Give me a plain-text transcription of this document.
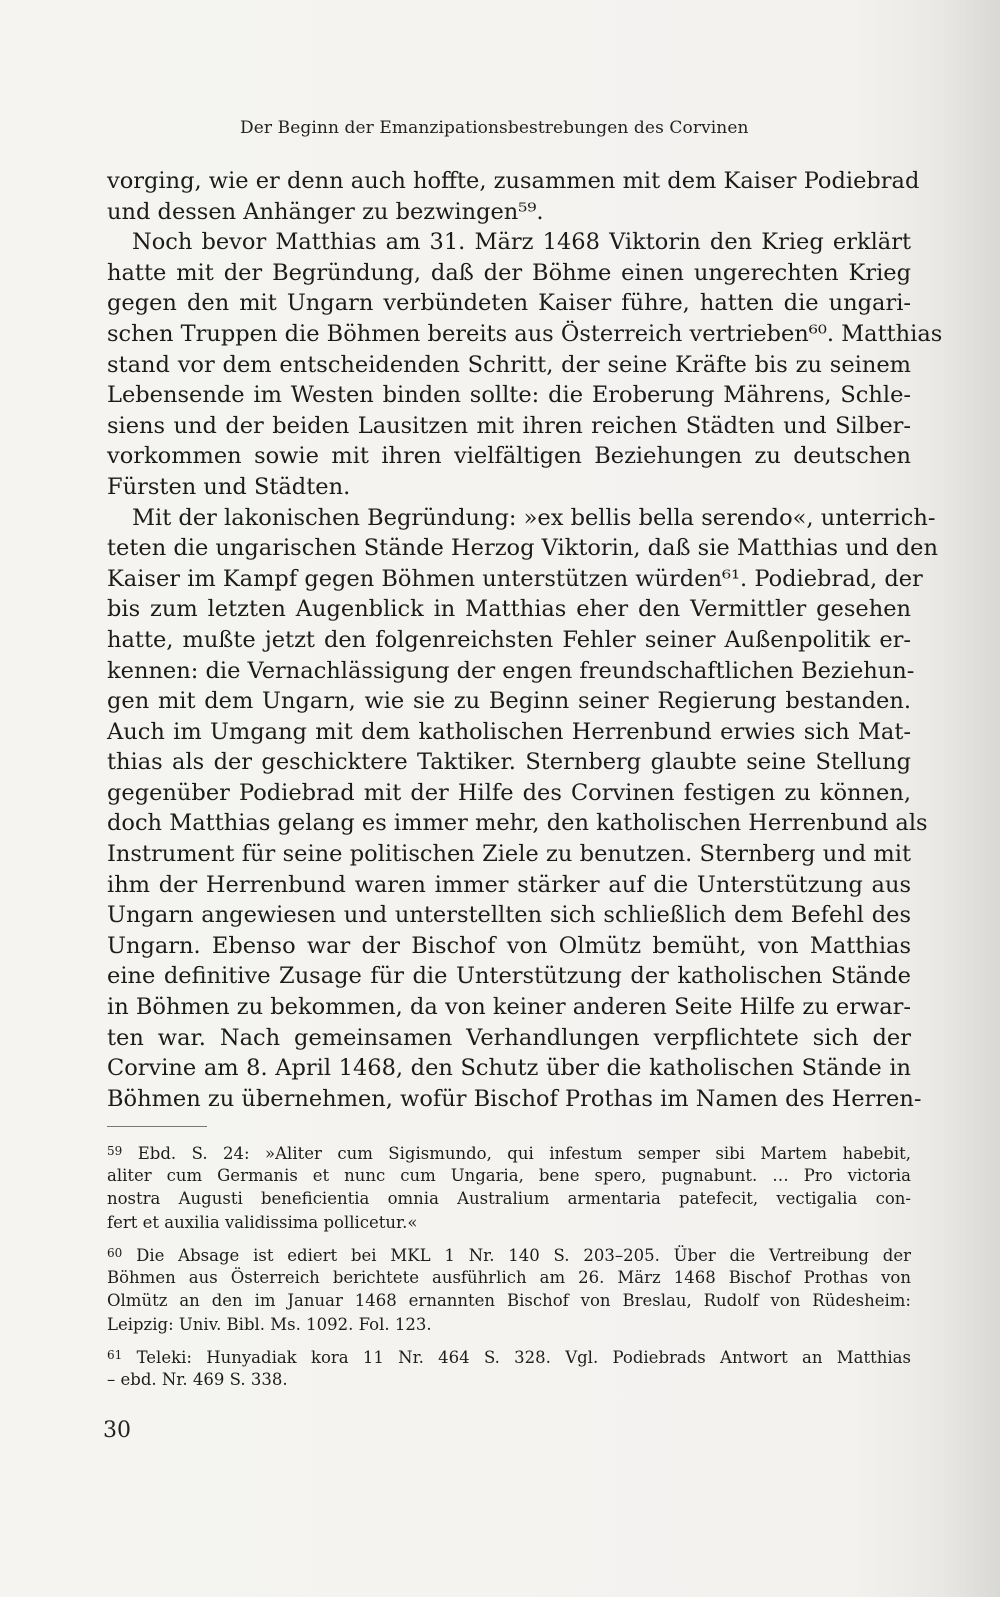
Der Beginn der Emanzipationsbestrebungen des Corvinen
vorging, wie er denn auch hoffte, zusammen mit dem Kaiser Podiebrad
und dessen Anhänger zu bezwingen⁵⁹.
Noch bevor Matthias am 31. März 1468 Viktorin den Krieg erklärt
hatte mit der Begründung, daß der Böhme einen ungerechten Krieg
gegen den mit Ungarn verbündeten Kaiser führe, hatten die ungari-
schen Truppen die Böhmen bereits aus Österreich vertrieben⁶⁰. Matthias
stand vor dem entscheidenden Schritt, der seine Kräfte bis zu seinem
Lebensende im Westen binden sollte: die Eroberung Mährens, Schle-
siens und der beiden Lausitzen mit ihren reichen Städten und Silber-
vorkommen sowie mit ihren vielfältigen Beziehungen zu deutschen
Fürsten und Städten.
Mit der lakonischen Begründung: »ex bellis bella serendo«, unterrich-
teten die ungarischen Stände Herzog Viktorin, daß sie Matthias und den
Kaiser im Kampf gegen Böhmen unterstützen würden⁶¹. Podiebrad, der
bis zum letzten Augenblick in Matthias eher den Vermittler gesehen
hatte, mußte jetzt den folgenreichsten Fehler seiner Außenpolitik er-
kennen: die Vernachlässigung der engen freundschaftlichen Beziehun-
gen mit dem Ungarn, wie sie zu Beginn seiner Regierung bestanden.
Auch im Umgang mit dem katholischen Herrenbund erwies sich Mat-
thias als der geschicktere Taktiker. Sternberg glaubte seine Stellung
gegenüber Podiebrad mit der Hilfe des Corvinen festigen zu können,
doch Matthias gelang es immer mehr, den katholischen Herrenbund als
Instrument für seine politischen Ziele zu benutzen. Sternberg und mit
ihm der Herrenbund waren immer stärker auf die Unterstützung aus
Ungarn angewiesen und unterstellten sich schließlich dem Befehl des
Ungarn. Ebenso war der Bischof von Olmütz bemüht, von Matthias
eine definitive Zusage für die Unterstützung der katholischen Stände
in Böhmen zu bekommen, da von keiner anderen Seite Hilfe zu erwar-
ten war. Nach gemeinsamen Verhandlungen verpflichtete sich der
Corvine am 8. April 1468, den Schutz über die katholischen Stände in
Böhmen zu übernehmen, wofür Bischof Prothas im Namen des Herren-
$^{59}$ Ebd. S. 24: »Aliter cum Sigismundo, qui infestum semper sibi Martem habebit,
aliter cum Germanis et nunc cum Ungaria, bene spero, pugnabunt. … Pro victoria
nostra Augusti beneficientia omnia Australium armentaria patefecit, vectigalia con-
fert et auxilia validissima pollicetur.«
$^{60}$ Die Absage ist ediert bei MKL 1 Nr. 140 S. 203–205. Über die Vertreibung der
Böhmen aus Österreich berichtete ausführlich am 26. März 1468 Bischof Prothas von
Olmütz an den im Januar 1468 ernannten Bischof von Breslau, Rudolf von Rüdesheim:
Leipzig: Univ. Bibl. Ms. 1092. Fol. 123.
$^{61}$ Teleki: Hunyadiak kora 11 Nr. 464 S. 328. Vgl. Podiebrads Antwort an Matthias
– ebd. Nr. 469 S. 338.
30
